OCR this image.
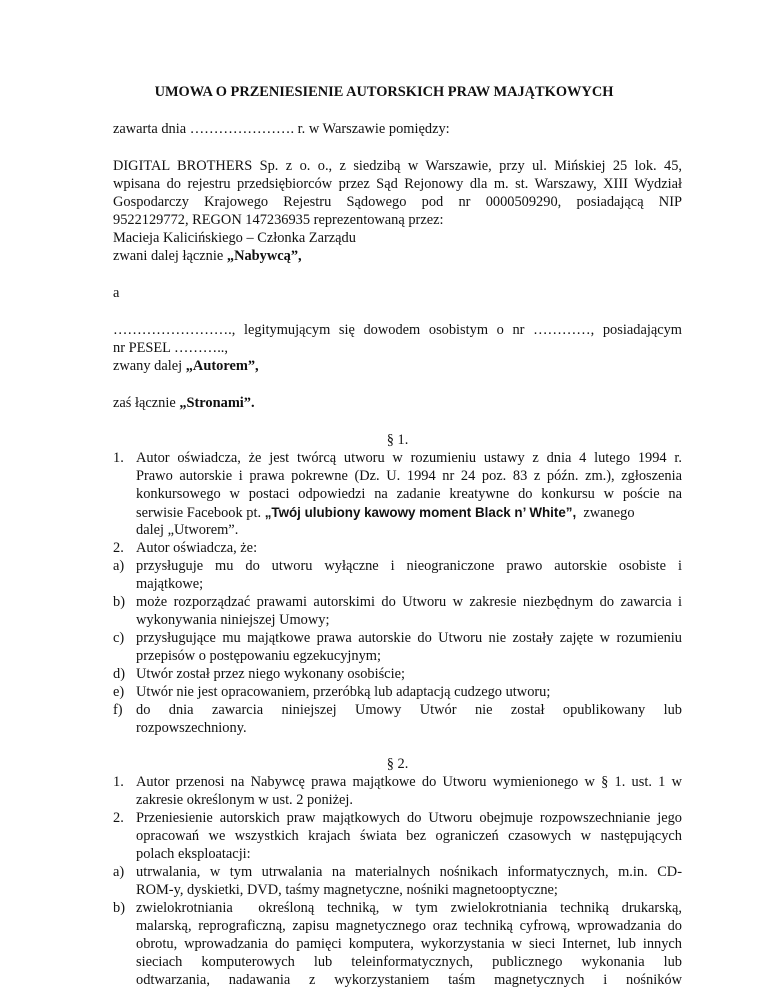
UMOWA O PRZENIESIENIE AUTORSKICH PRAW MAJĄTKOWYCH
zawarta dnia …………………. r. w Warszawie pomiędzy:
DIGITAL BROTHERS Sp. z o. o., z siedzibą w Warszawie, przy ul. Mińskiej 25 lok. 45,
wpisana do rejestru przedsiębiorców przez Sąd Rejonowy dla m. st. Warszawy, XIII Wydział
Gospodarczy Krajowego Rejestru Sądowego pod nr 0000509290, posiadającą NIP
9522129772, REGON 147236935 reprezentowaną przez:
Macieja Kalicińskiego – Członka Zarządu
zwani dalej łącznie „Nabywcą”,
a
……………………., legitymującym się dowodem osobistym o nr …………, posiadającym
nr PESEL ………..,
zwany dalej „Autorem”,
zaś łącznie „Stronami”.
§ 1.
1. Autor oświadcza, że jest twórcą utworu w rozumieniu ustawy z dnia 4 lutego 1994 r.
Prawo autorskie i prawa pokrewne (Dz. U. 1994 nr 24 poz. 83 z późn. zm.), zgłoszenia
konkursowego w postaci odpowiedzi na zadanie kreatywne do konkursu w poście na
serwisie Facebook pt. „Twój ulubiony kawowy moment Black n’ White”,  zwanego
dalej „Utworem”.
2. Autor oświadcza, że:
a) przysługuje mu do utworu wyłączne i nieograniczone prawo autorskie osobiste i
majątkowe;
b) może rozporządzać prawami autorskimi do Utworu w zakresie niezbędnym do zawarcia i
wykonywania niniejszej Umowy;
c) przysługujące mu majątkowe prawa autorskie do Utworu nie zostały zajęte w rozumieniu
przepisów o postępowaniu egzekucyjnym;
d) Utwór został przez niego wykonany osobiście;
e) Utwór nie jest opracowaniem, przeróbką lub adaptacją cudzego utworu;
f) do dnia zawarcia niniejszej Umowy Utwór nie został opublikowany lub
rozpowszechniony.
§ 2.
1. Autor przenosi na Nabywcę prawa majątkowe do Utworu wymienionego w § 1. ust. 1 w
zakresie określonym w ust. 2 poniżej.
2. Przeniesienie autorskich praw majątkowych do Utworu obejmuje rozpowszechnianie jego
opracowań we wszystkich krajach świata bez ograniczeń czasowych w następujących
polach eksploatacji:
a) utrwalania, w tym utrwalania na materialnych nośnikach informatycznych, m.in. CD-
ROM-y, dyskietki, DVD, taśmy magnetyczne, nośniki magnetooptyczne;
b) zwielokrotniania  określoną techniką, w tym zwielokrotniania techniką drukarską,
malarską, reprograficzną, zapisu magnetycznego oraz techniką cyfrową, wprowadzania do
obrotu, wprowadzania do pamięci komputera, wykorzystania w sieci Internet, lub innych
sieciach komputerowych lub teleinformatycznych, publicznego wykonania lub
odtwarzania, nadawania z wykorzystaniem taśm magnetycznych i nośników
